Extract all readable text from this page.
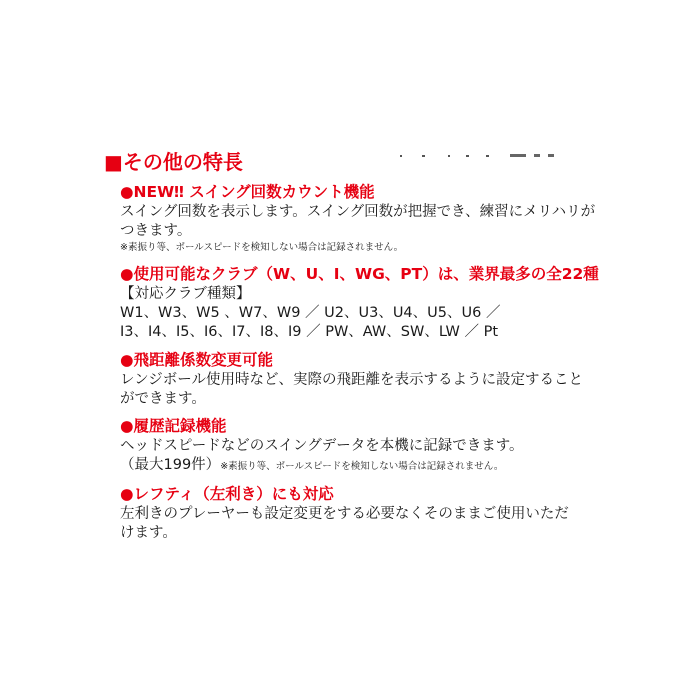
■その他の特長
●NEW‼ スイング回数カウント機能
スイング回数を表示します。スイング回数が把握でき、練習にメリハリが
つきます。
※素振り等、ボールスピードを検知しない場合は記録されません。
●使用可能なクラブ（W、U、I、WG、PT）は、業界最多の全22種
【対応クラブ種類】
W1、W3、W5 、W7、W9 ／ U2、U3、U4、U5、U6 ／
I3、I4、I5、I6、I7、I8、I9 ／ PW、AW、SW、LW ／ Pt
●飛距離係数変更可能
レンジボール使用時など、実際の飛距離を表示するように設定すること
ができます。
●履歴記録機能
ヘッドスピードなどのスイングデータを本機に記録できます。
（最大199件）※素振り等、ボールスピードを検知しない場合は記録されません。
●レフティ（左利き）にも対応
左利きのプレーヤーも設定変更をする必要なくそのままご使用いただ
けます。
